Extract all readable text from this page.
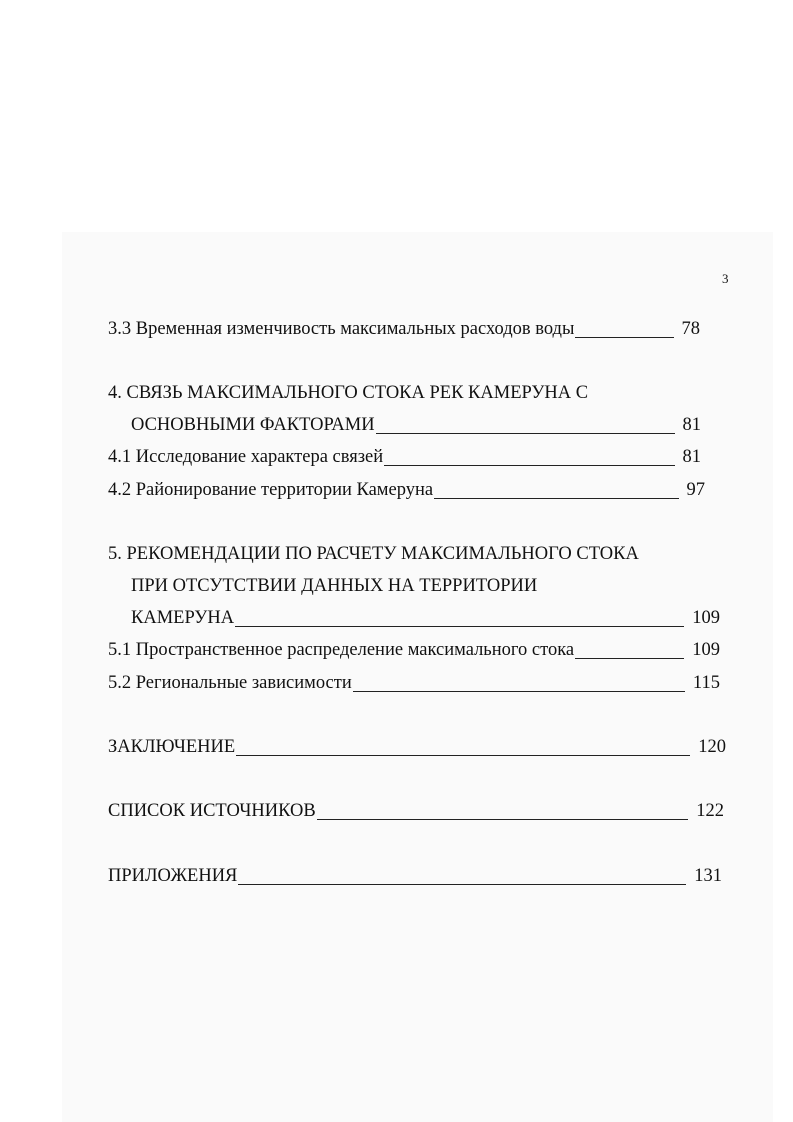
3
3.3 Временная изменчивость максимальных расходов воды	78
4. СВЯЗЬ МАКСИМАЛЬНОГО СТОКА РЕК КАМЕРУНА С
ОСНОВНЫМИ ФАКТОРАМИ	81
4.1 Исследование характера связей	81
4.2 Районирование территории Камеруна	97
5. РЕКОМЕНДАЦИИ ПО РАСЧЕТУ МАКСИМАЛЬНОГО СТОКА
ПРИ ОТСУТСТВИИ ДАННЫХ НА ТЕРРИТОРИИ
КАМЕРУНА	109
5.1 Пространственное распределение максимального стока	109
5.2 Региональные зависимости	115
ЗАКЛЮЧЕНИЕ	120
СПИСОК ИСТОЧНИКОВ	122
ПРИЛОЖЕНИЯ	131
